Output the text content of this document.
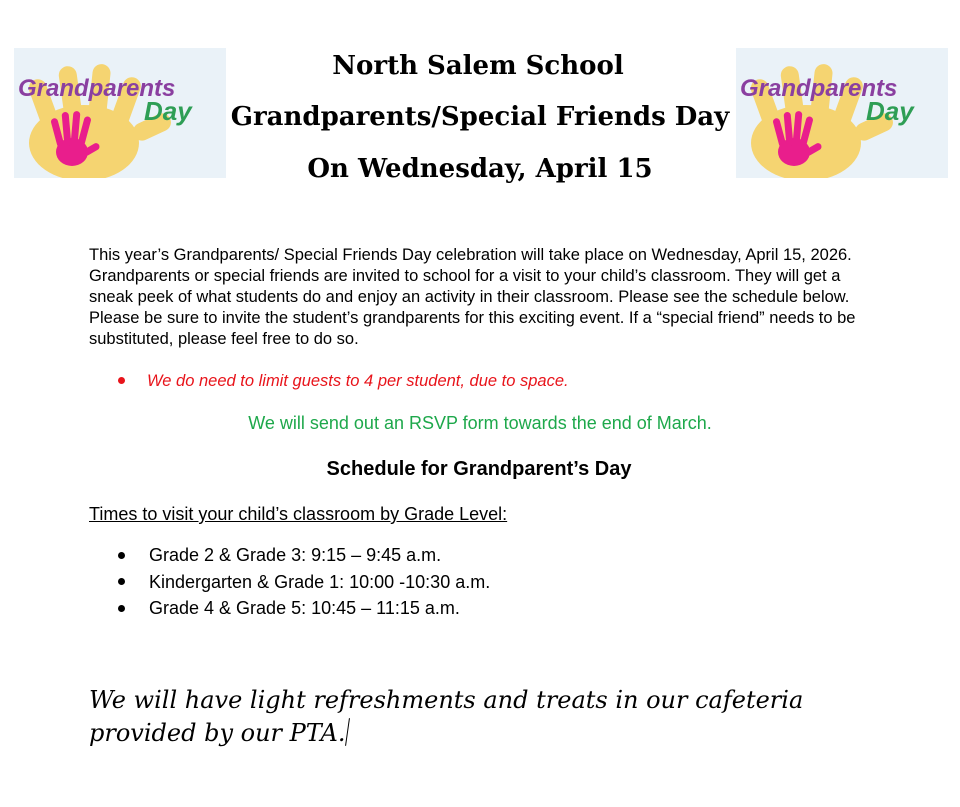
Grandparents
Day
Grandparents
Day
North Salem School
Grandparents/Special Friends Day
On Wednesday, April 15

This year’s Grandparents/ Special Friends Day celebration will take place on Wednesday, April 15, 2026. Grandparents or special friends are invited to school for a visit to your child’s classroom. They will get a sneak peek of what students do and enjoy an activity in their classroom. Please see the schedule below. Please be sure to invite the student’s grandparents for this exciting event. If a “special friend” needs to be substituted, please feel free to do so.

We do need to limit guests to 4 per student, due to space.
We will send out an RSVP form towards the end of March.
Schedule for Grandparent’s Day
Times to visit your child’s classroom by Grade Level:
Grade 2 & Grade 3: 9:15 – 9:45 a.m.
Kindergarten & Grade 1: 10:00 -10:30 a.m.
Grade 4 & Grade 5: 10:45 – 11:15 a.m.
We will have light refreshments and treats in our cafeteria provided by our PTA.
